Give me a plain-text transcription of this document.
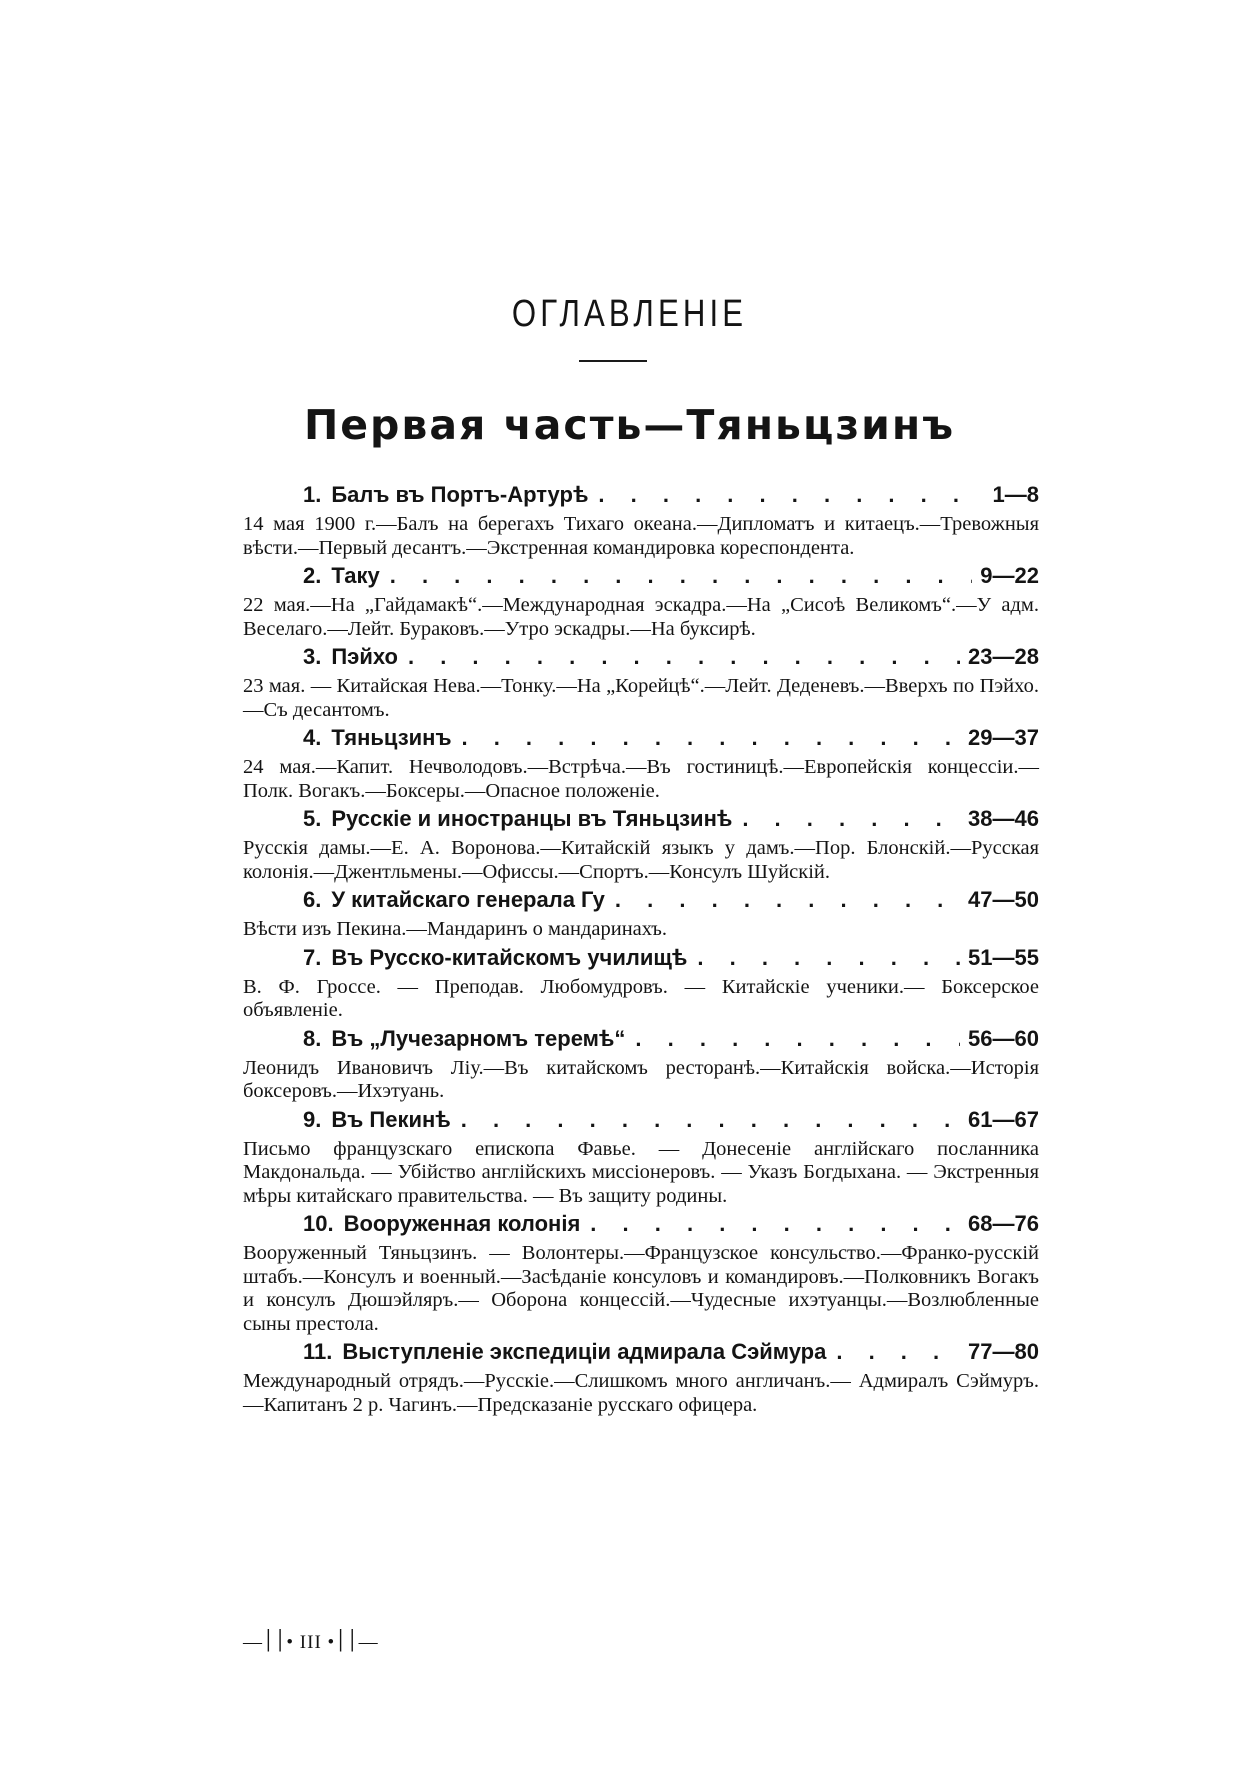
ОГЛАВЛЕНІЕ
Первая часть—Тяньцзинъ
1. Балъ въ Портъ-Артурѣ . . .	1—8
14 мая 1900 г.—Балъ на берегахъ Тихаго океана.—Дипломатъ и китаецъ.—Тревожныя вѣсти.—Первый десантъ.—Экстренная командировка кореспондента.
2. Таку . . .	9—22
22 мая.—На „Гайдамакѣ“.—Международная эскадра.—На „Сисоѣ Великомъ“.—У адм. Веселаго.—Лейт. Бураковъ.—Утро эскадры.—На буксирѣ.
3. Пэйхо . . .	23—28
23 мая. — Китайская Нева.—Тонку.—На „Корейцѣ“.—Лейт. Деденевъ.—Вверхъ по Пэйхо.—Съ десантомъ.
4. Тяньцзинъ . . .	29—37
24 мая.—Капит. Нечволодовъ.—Встрѣча.—Въ гостиницѣ.—Европейскія концессіи.—Полк. Вогакъ.—Боксеры.—Опасное положеніе.
5. Русскіе и иностранцы въ Тяньцзинѣ . . .	38—46
Русскія дамы.—Е. А. Воронова.—Китайскій языкъ у дамъ.—Пор. Блонскій.—Русская колонія.—Джентльмены.—Офиссы.—Спортъ.—Консулъ Шуйскій.
6. У китайскаго генерала Гу . . .	47—50
Вѣсти изъ Пекина.—Мандаринъ о мандаринахъ.
7. Въ Русско-китайскомъ училищѣ . . .	51—55
В. Ф. Гроссе. — Преподав. Любомудровъ. — Китайскіе ученики.— Боксерское объявленіе.
8. Въ „Лучезарномъ теремѣ“ . . .	56—60
Леонидъ Ивановичъ Ліу.—Въ китайскомъ ресторанѣ.—Китайскія войска.—Исторія боксеровъ.—Ихэтуань.
9. Въ Пекинѣ . . .	61—67
Письмо французскаго епископа Фавье. — Донесеніе англійскаго посланника Макдональда. — Убійство англійскихъ миссіонеровъ. — Указъ Богдыхана. — Экстренныя мѣры китайскаго правительства. — Въ защиту родины.
10. Вооруженная колонія . . .	68—76
Вооруженный Тяньцзинъ. — Волонтеры.—Французское консульство.—Франко-русскій штабъ.—Консулъ и военный.—Засѣданіе консуловъ и командировъ.—Полковникъ Вогакъ и консулъ Дюшэйляръ.— Оборона концессій.—Чудесные ихэтуанцы.—Возлюбленные сыны престола.
11. Выступленіе экспедиціи адмирала Сэймура . . .	77—80
Международный отрядъ.—Русскіе.—Слишкомъ много англичанъ.— Адмиралъ Сэймуръ.—Капитанъ 2 р. Чагинъ.—Предсказаніе русскаго офицера.
—׀׀• III •׀׀—
